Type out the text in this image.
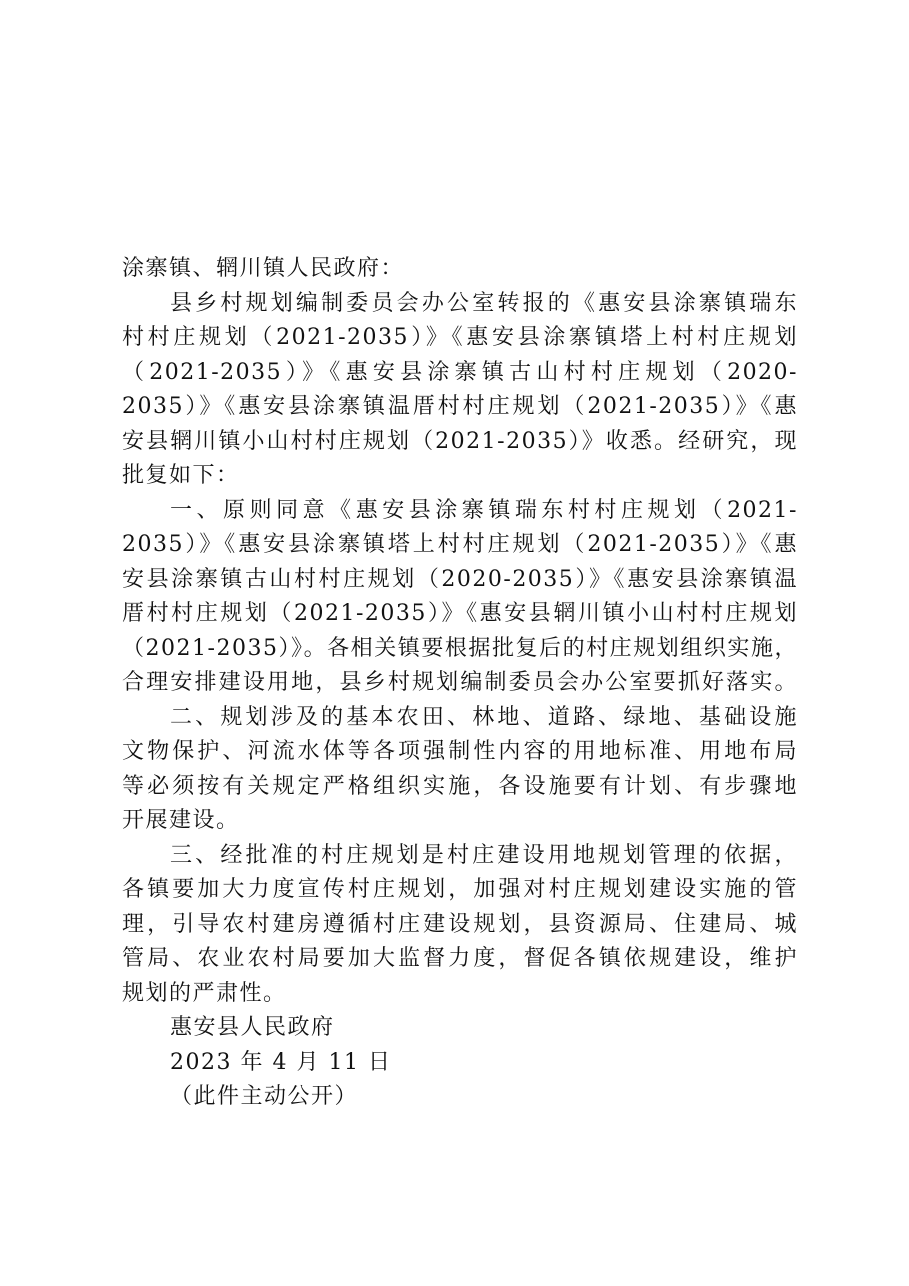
涂寨镇、辋川镇人民政府：
县乡村规划编制委员会办公室转报的《惠安县涂寨镇瑞东
村村庄规划（2021-2035）》《惠安县涂寨镇塔上村村庄规划
（2021-2035）》《惠安县涂寨镇古山村村庄规划（2020-
2035）》《惠安县涂寨镇温厝村村庄规划（2021-2035）》《惠
安县辋川镇小山村村庄规划（2021-2035）》收悉。经研究，现
批复如下：
一、原则同意《惠安县涂寨镇瑞东村村庄规划（2021-
2035）》《惠安县涂寨镇塔上村村庄规划（2021-2035）》《惠
安县涂寨镇古山村村庄规划（2020-2035）》《惠安县涂寨镇温
厝村村庄规划（2021-2035）》《惠安县辋川镇小山村村庄规划
（2021-2035）》。各相关镇要根据批复后的村庄规划组织实施，
合理安排建设用地，县乡村规划编制委员会办公室要抓好落实。
二、规划涉及的基本农田、林地、道路、绿地、基础设施
文物保护、河流水体等各项强制性内容的用地标准、用地布局
等必须按有关规定严格组织实施，各设施要有计划、有步骤地
开展建设。
三、经批准的村庄规划是村庄建设用地规划管理的依据，
各镇要加大力度宣传村庄规划，加强对村庄规划建设实施的管
理，引导农村建房遵循村庄建设规划，县资源局、住建局、城
管局、农业农村局要加大监督力度，督促各镇依规建设，维护
规划的严肃性。
惠安县人民政府
2023 年 4 月 11 日
（此件主动公开）
